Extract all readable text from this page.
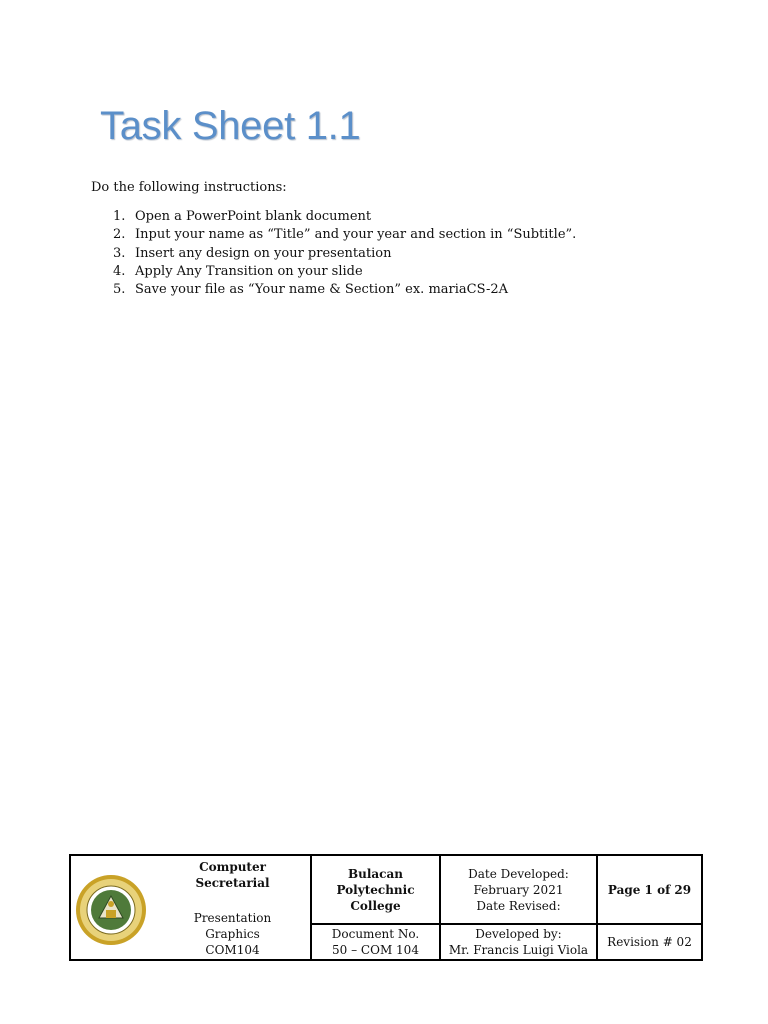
Task Sheet 1.1
Do the following instructions:
1. Open a PowerPoint blank document
2. Input your name as “Title” and your year and section in “Subtitle”.
3. Insert any design on your presentation
4. Apply Any Transition on your slide
5. Save your file as “Your name & Section” ex. mariaCS-2A
Computer Secretarial
Presentation
Graphics
COM104
Bulacan Polytechnic College
Date Developed:
February 2021
Date Revised:
Page 1 of 29
Document No.
50 – COM 104
Developed by:
Mr. Francis Luigi Viola
Revision # 02
